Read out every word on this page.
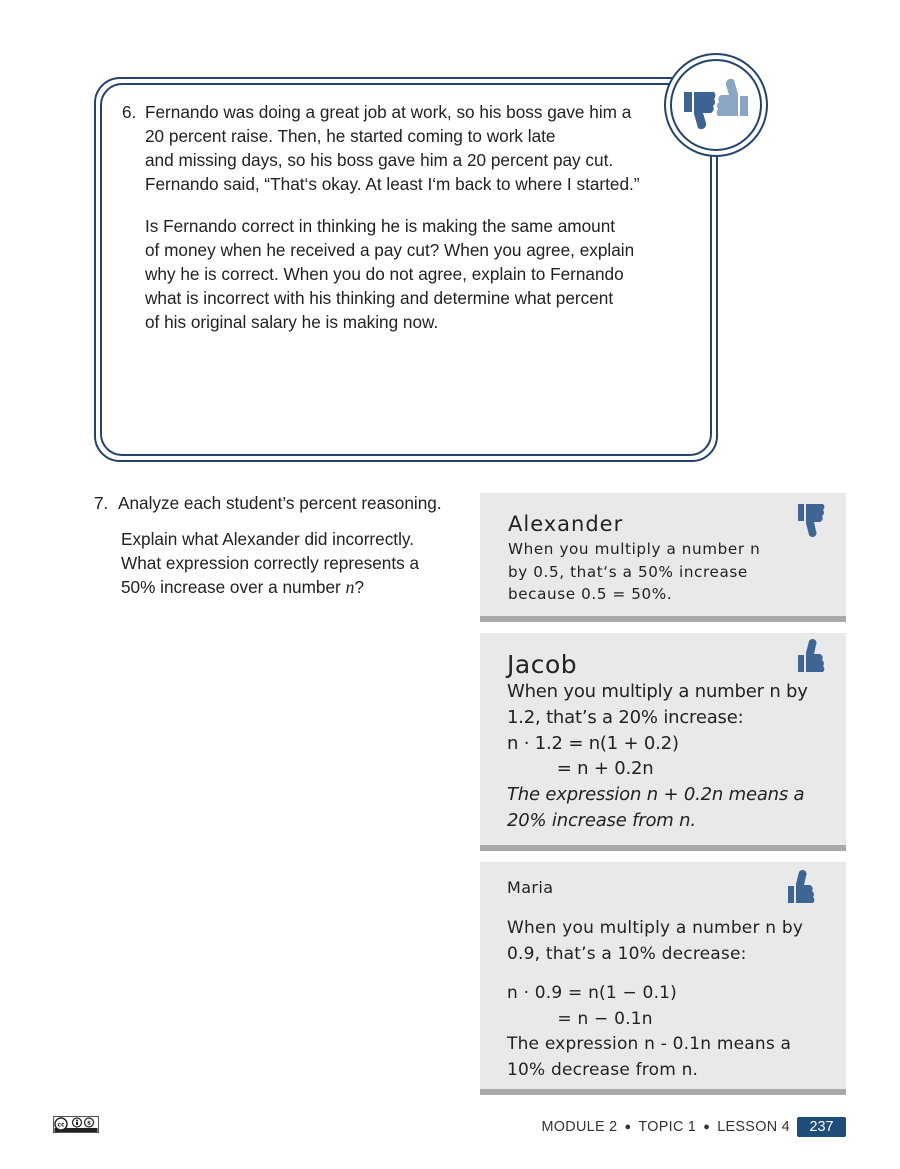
6. Fernando was doing a great job at work, so his boss gave him a
20 percent raise. Then, he started coming to work late
and missing days, so his boss gave him a 20 percent pay cut.
Fernando said, “That‘s okay. At least I‘m back to where I started.”
Is Fernando correct in thinking he is making the same amount
of money when he received a pay cut? When you agree, explain
why he is correct. When you do not agree, explain to Fernando
what is incorrect with his thinking and determine what percent
of his original salary he is making now.
7. Analyze each student’s percent reasoning.
Explain what Alexander did incorrectly.
What expression correctly represents a
50% increase over a number n?
Alexander
When you multiply a number n
by 0.5, that‘s a 50% increase
because 0.5 = 50%.
Jacob
When you multiply a number n by
1.2, that’s a 20% increase:
n · 1.2 = n(1 + 0.2)
= n + 0.2n
The expression n + 0.2n means a
20% increase from n.
Maria
When you multiply a number n by
0.9, that’s a 10% decrease:
n · 0.9 = n(1 − 0.1)
= n − 0.1n
The expression n - 0.1n means a
10% decrease from n.
cc	$	MODULE 2 ● TOPIC 1 ● LESSON 4	237
